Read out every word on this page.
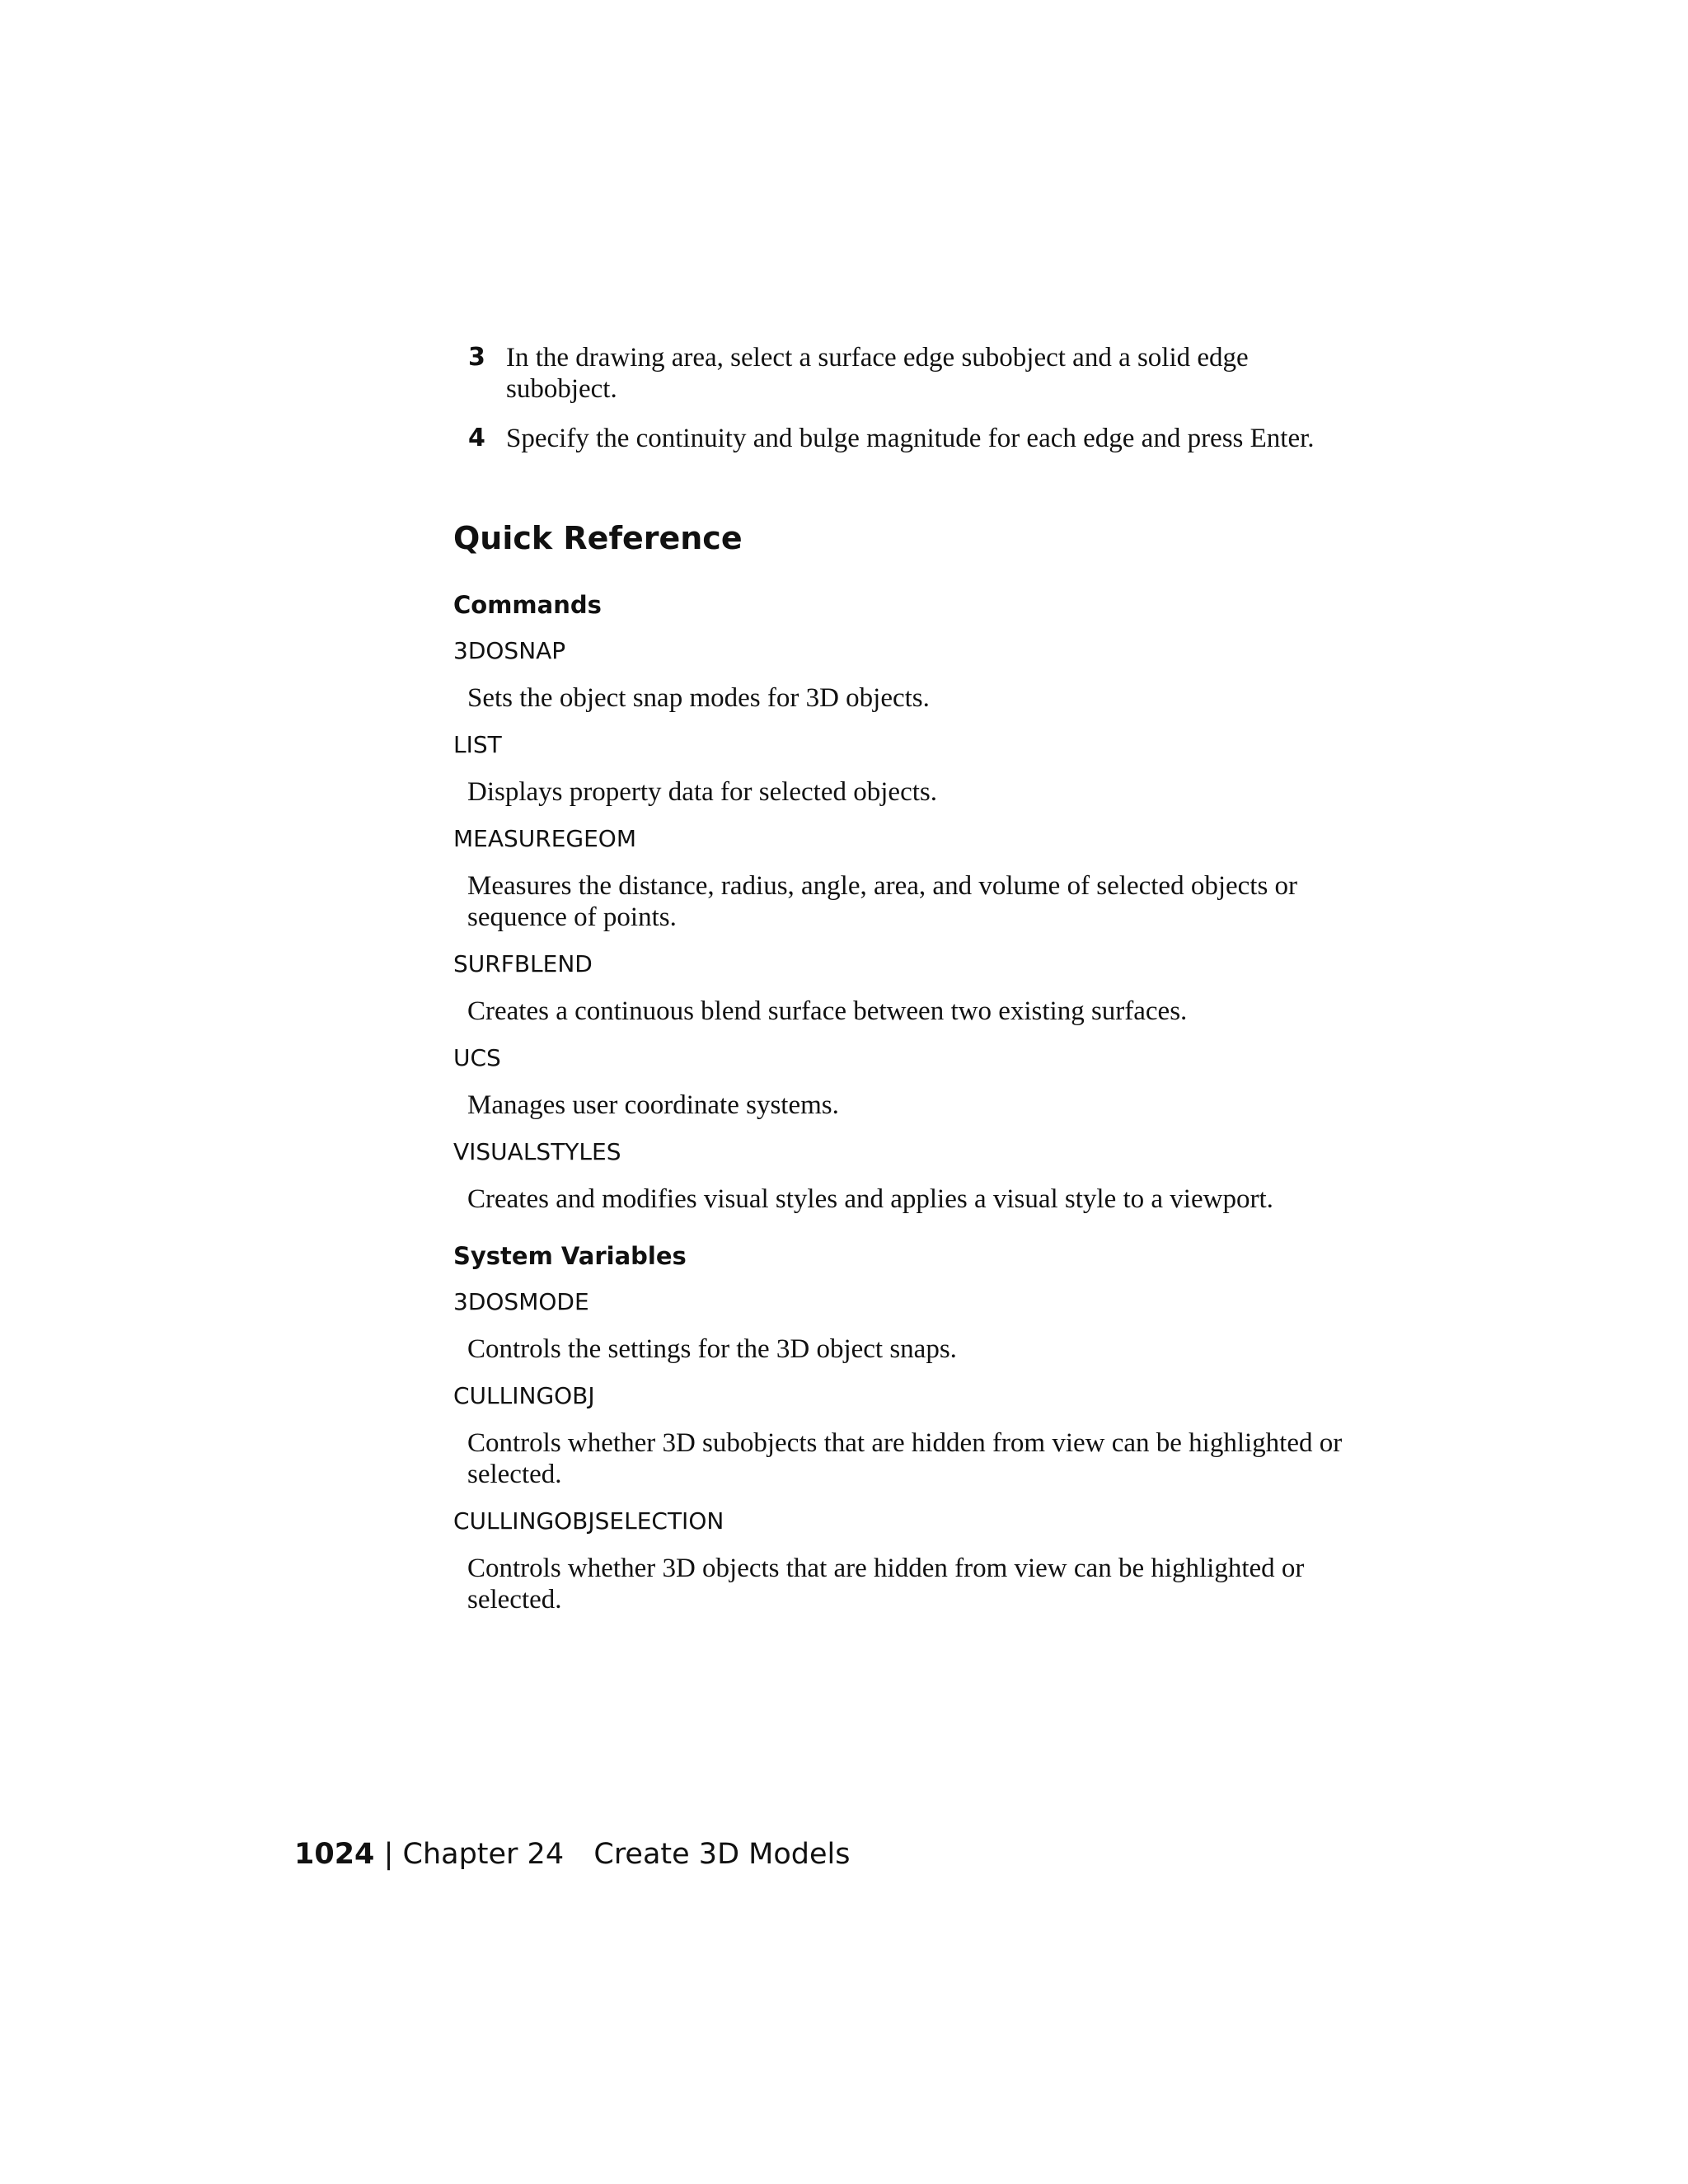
3 In the drawing area, select a surface edge subobject and a solid edge subobject.
4 Specify the continuity and bulge magnitude for each edge and press Enter.
Quick Reference
Commands
3DOSNAP
Sets the object snap modes for 3D objects.
LIST
Displays property data for selected objects.
MEASUREGEOM
Measures the distance, radius, angle, area, and volume of selected objects or sequence of points.
SURFBLEND
Creates a continuous blend surface between two existing surfaces.
UCS
Manages user coordinate systems.
VISUALSTYLES
Creates and modifies visual styles and applies a visual style to a viewport.
System Variables
3DOSMODE
Controls the settings for the 3D object snaps.
CULLINGOBJ
Controls whether 3D subobjects that are hidden from view can be highlighted or selected.
CULLINGOBJSELECTION
Controls whether 3D objects that are hidden from view can be highlighted or selected.
1024 | Chapter 24 Create 3D Models
